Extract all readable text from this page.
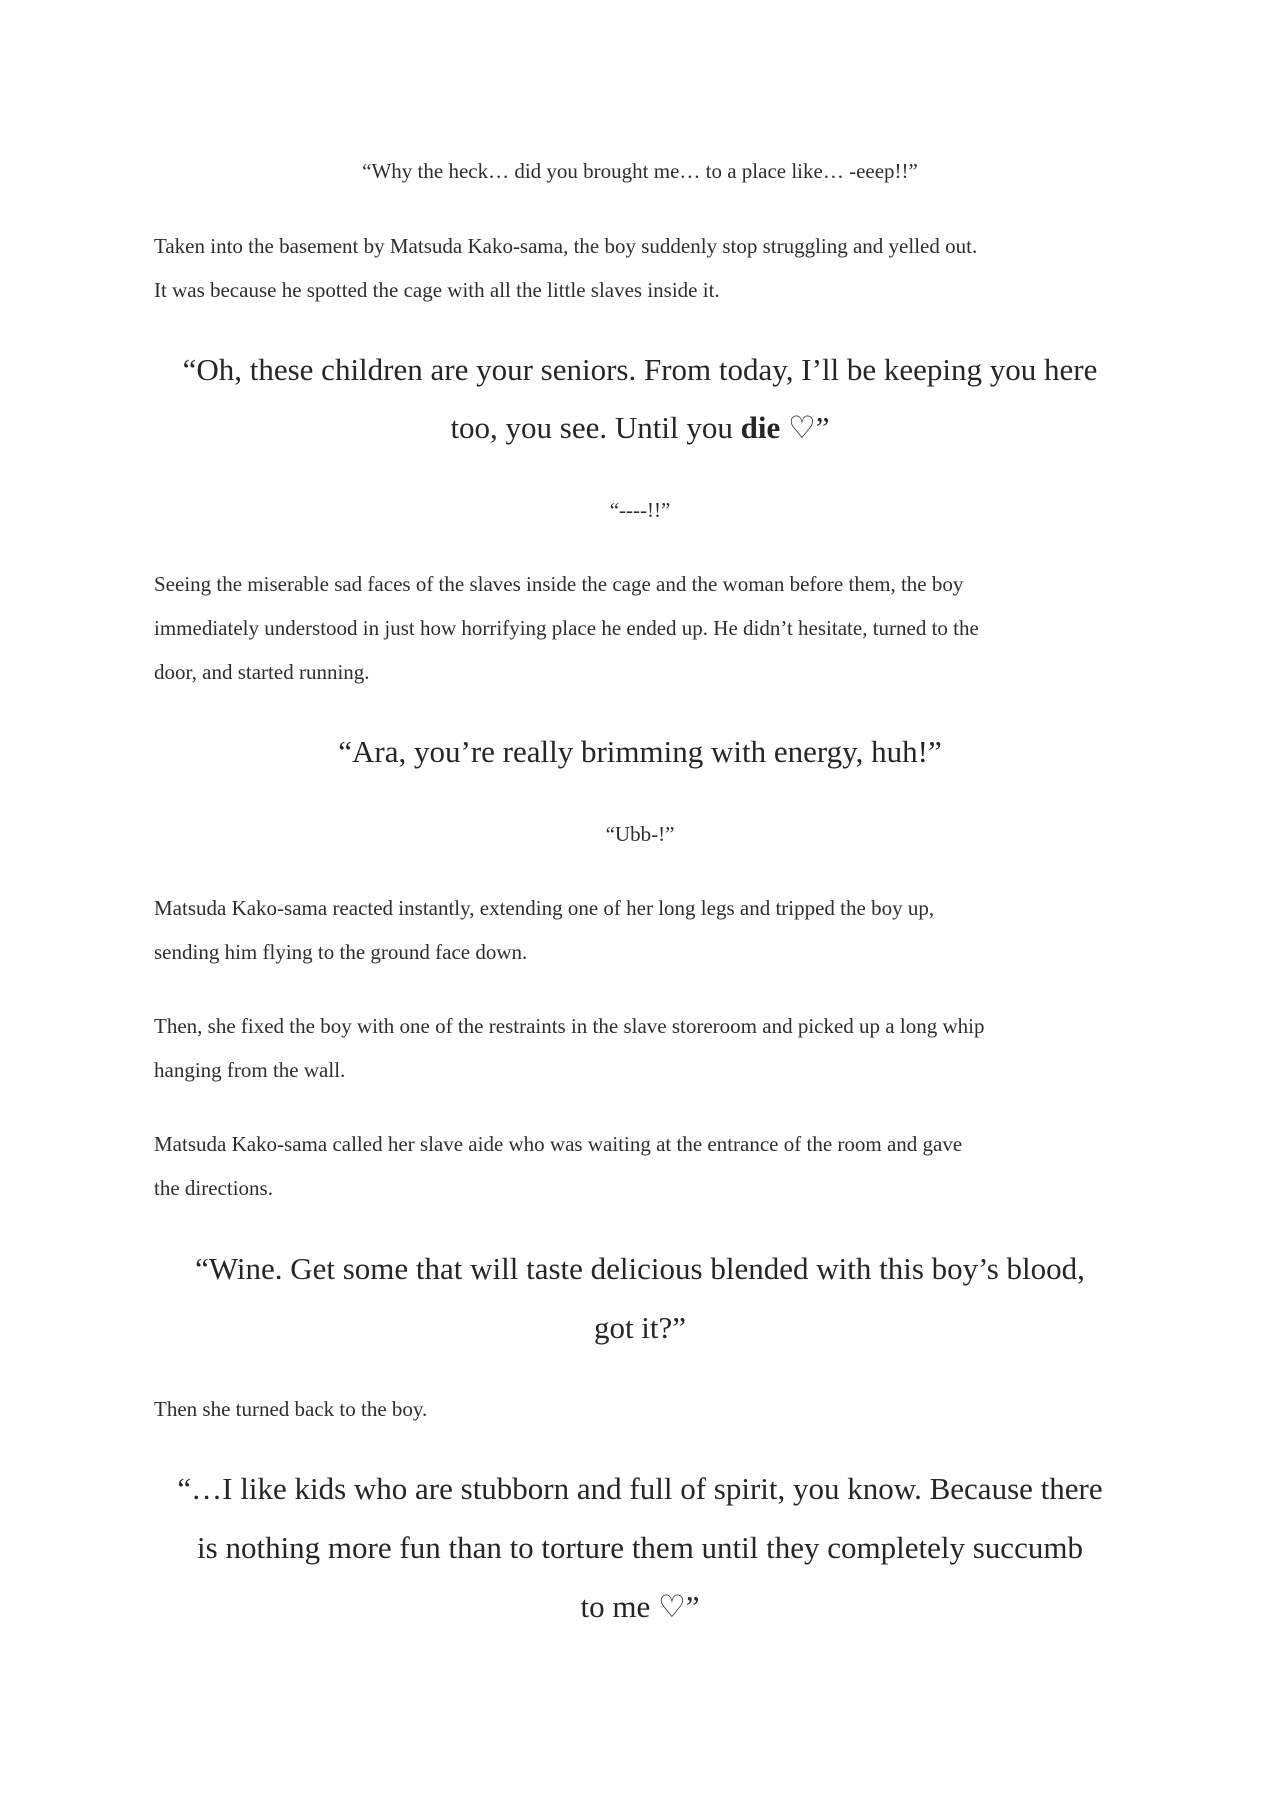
“Why the heck… did you brought me… to a place like… -eeep!!”
Taken into the basement by Matsuda Kako-sama, the boy suddenly stop struggling and yelled out.
It was because he spotted the cage with all the little slaves inside it.
“Oh, these children are your seniors. From today, I’ll be keeping you here
too, you see. Until you die ♡”
“----!!”
Seeing the miserable sad faces of the slaves inside the cage and the woman before them, the boy
immediately understood in just how horrifying place he ended up. He didn’t hesitate, turned to the
door, and started running.
“Ara, you’re really brimming with energy, huh!”
“Ubb-!”
Matsuda Kako-sama reacted instantly, extending one of her long legs and tripped the boy up,
sending him flying to the ground face down.
Then, she fixed the boy with one of the restraints in the slave storeroom and picked up a long whip
hanging from the wall.
Matsuda Kako-sama called her slave aide who was waiting at the entrance of the room and gave
the directions.
“Wine. Get some that will taste delicious blended with this boy’s blood,
got it?”
Then she turned back to the boy.
“…I like kids who are stubborn and full of spirit, you know. Because there
is nothing more fun than to torture them until they completely succumb
to me ♡”
